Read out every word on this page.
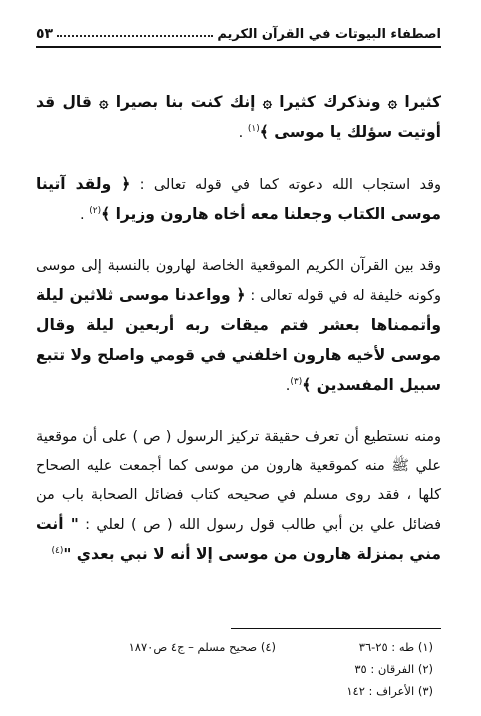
اصطفاء البيوتات في القرآن الكريم
٥٣

كثيرا ۞ ونذكرك كثيرا ۞ إنك كنت بنا بصيرا ۞ قال قد أوتيت سؤلك يا موسى ﴾$^{(١)}$ .

وقد استجاب الله دعوته كما في قوله تعالى : ﴿ ولقد آتينا موسى الكتاب وجعلنا معه أخاه هارون وزيرا ﴾$^{(٢)}$ .

وقد بين القرآن الكريم الموقعية الخاصة لهارون بالنسبة إلى موسى وكونه خليفة له في قوله تعالى : ﴿ وواعدنا موسى ثلاثين ليلة وأتممناها بعشر فتم ميقات ربه أربعين ليلة وقال موسى لأخيه هارون اخلفني في قومي واصلح ولا تتبع سبيل المفسدين ﴾$^{(٣)}$.

ومنه نستطيع أن تعرف حقيقة تركيز الرسول ( ص ) على أن موقعية علي ﷺ منه كموقعية هارون من موسى كما أجمعت عليه الصحاح كلها ، فقد روى مسلم في صحيحه كتاب فضائل الصحابة باب من فضائل علي بن أبي طالب قول رسول الله ( ص ) لعلي : " أنت مني بمنزلة هارون من موسى إلا أنه لا نبي بعدي "$^{(٤)}$

(١) طه : ٢٥-٣٦
(٢) الفرقان : ٣٥
(٣) الأعراف : ١٤٢
(٤) صحيح مسلم – ج٤ ص١٨٧٠
